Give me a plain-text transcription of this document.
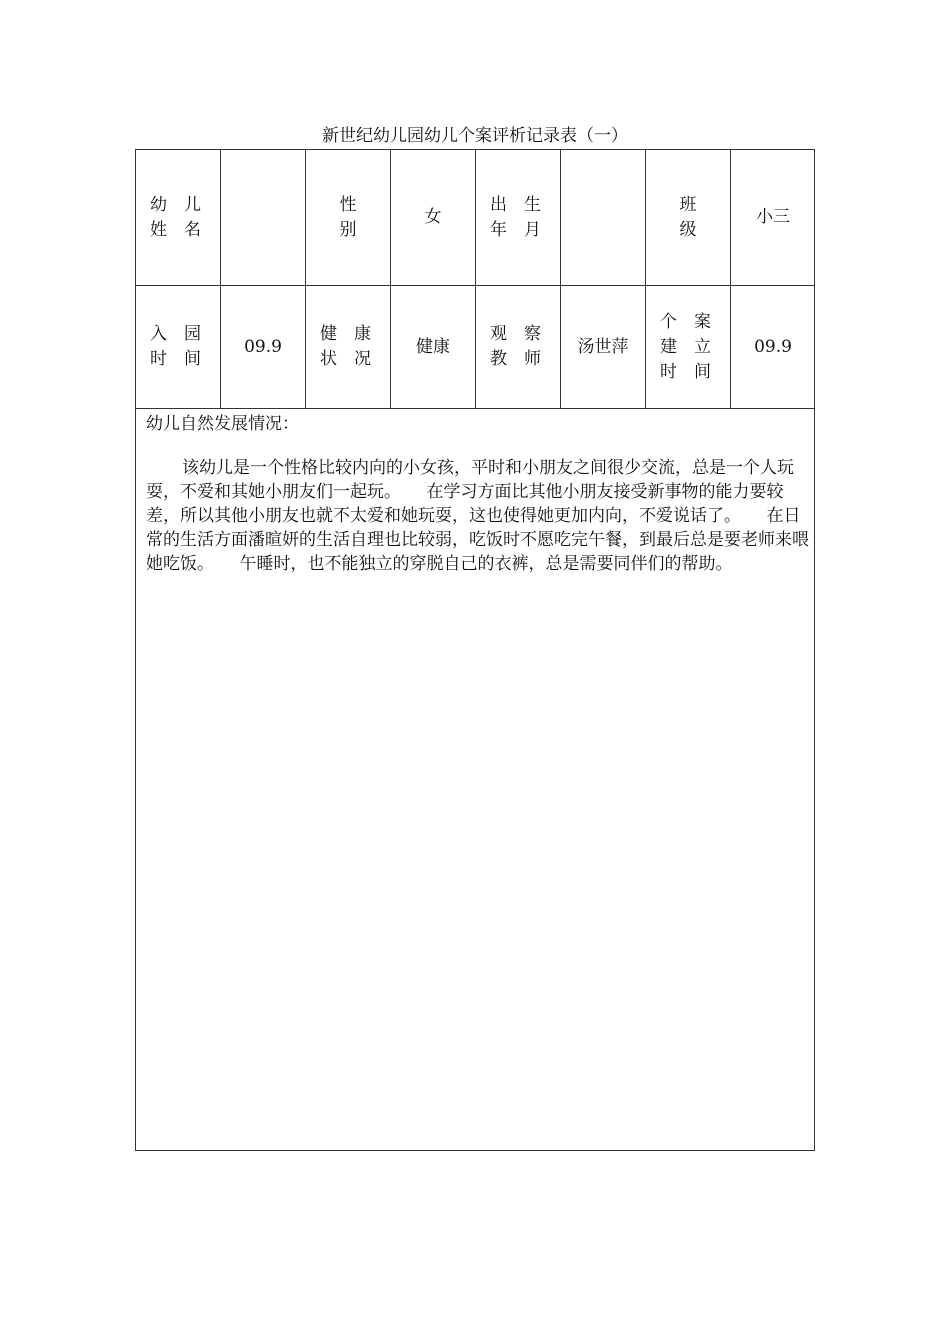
新世纪幼儿园幼儿个案评析记录表（一）
幼　儿
姓　名
性
别
女
出　生
年　月
班
级
小三
入　园
时　间
09.9
健　康
状　况
健康
观　察
教　师
汤世萍
个　案
建　立
时　间
09.9
幼儿自然发展情况：
该幼儿是一个性格比较内向的小女孩，平时和小朋友之间很少交流，总是一个人玩耍，不爱和其她小朋友们一起玩。　　在学习方面比其他小朋友接受新事物的能力要较差，所以其他小朋友也就不太爱和她玩耍，这也使得她更加内向，不爱说话了。　　在日常的生活方面潘暄妍的生活自理也比较弱，吃饭时不愿吃完午餐，到最后总是要老师来喂她吃饭。　　午睡时，也不能独立的穿脱自己的衣裤，总是需要同伴们的帮助。
